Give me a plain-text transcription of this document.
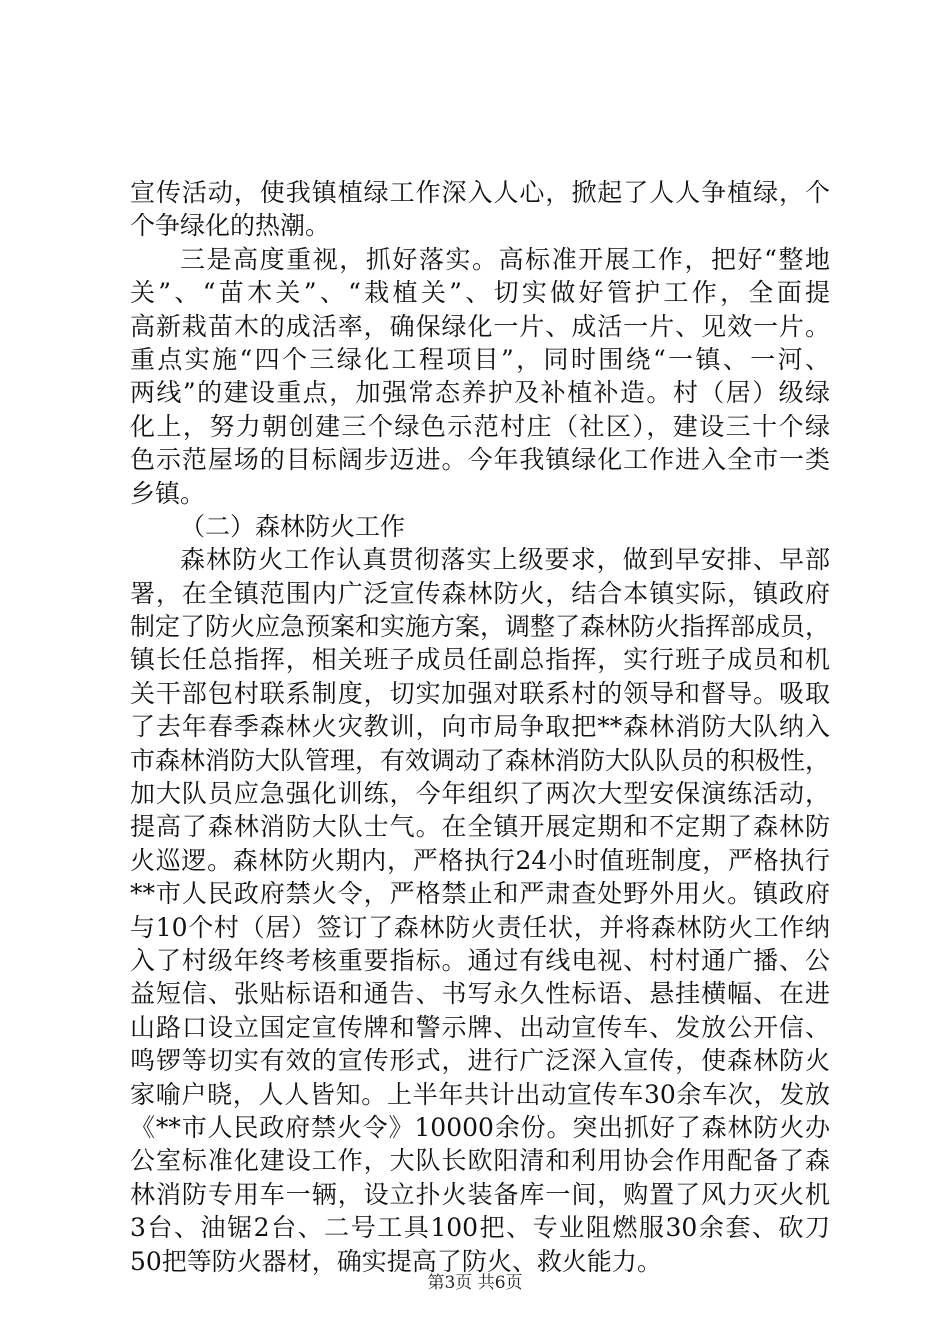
宣传活动，使我镇植绿工作深入人心，掀起了人人争植绿，个
个争绿化的热潮。
三是高度重视，抓好落实。高标准开展工作，把好“整地
关”、“苗木关”、“栽植关”、切实做好管护工作，全面提
高新栽苗木的成活率，确保绿化一片、成活一片、见效一片。
重点实施“四个三绿化工程项目”，同时围绕“一镇、一河、
两线”的建设重点，加强常态养护及补植补造。村（居）级绿
化上，努力朝创建三个绿色示范村庄（社区），建设三十个绿
色示范屋场的目标阔步迈进。今年我镇绿化工作进入全市一类
乡镇。
（二）森林防火工作
森林防火工作认真贯彻落实上级要求，做到早安排、早部
署，在全镇范围内广泛宣传森林防火，结合本镇实际，镇政府
制定了防火应急预案和实施方案，调整了森林防火指挥部成员，
镇长任总指挥，相关班子成员任副总指挥，实行班子成员和机
关干部包村联系制度，切实加强对联系村的领导和督导。吸取
了去年春季森林火灾教训，向市局争取把**森林消防大队纳入
市森林消防大队管理，有效调动了森林消防大队队员的积极性，
加大队员应急强化训练，今年组织了两次大型安保演练活动，
提高了森林消防大队士气。在全镇开展定期和不定期了森林防
火巡逻。森林防火期内，严格执行24小时值班制度，严格执行
**市人民政府禁火令，严格禁止和严肃查处野外用火。镇政府
与10个村（居）签订了森林防火责任状，并将森林防火工作纳
入了村级年终考核重要指标。通过有线电视、村村通广播、公
益短信、张贴标语和通告、书写永久性标语、悬挂横幅、在进
山路口设立国定宣传牌和警示牌、出动宣传车、发放公开信、
鸣锣等切实有效的宣传形式，进行广泛深入宣传，使森林防火
家喻户晓，人人皆知。上半年共计出动宣传车30余车次，发放
《**市人民政府禁火令》10000余份。突出抓好了森林防火办
公室标准化建设工作，大队长欧阳清和利用协会作用配备了森
林消防专用车一辆，设立扑火装备库一间，购置了风力灭火机
3台、油锯2台、二号工具100把、专业阻燃服30余套、砍刀
50把等防火器材，确实提高了防火、救火能力。
第3页 共6页
